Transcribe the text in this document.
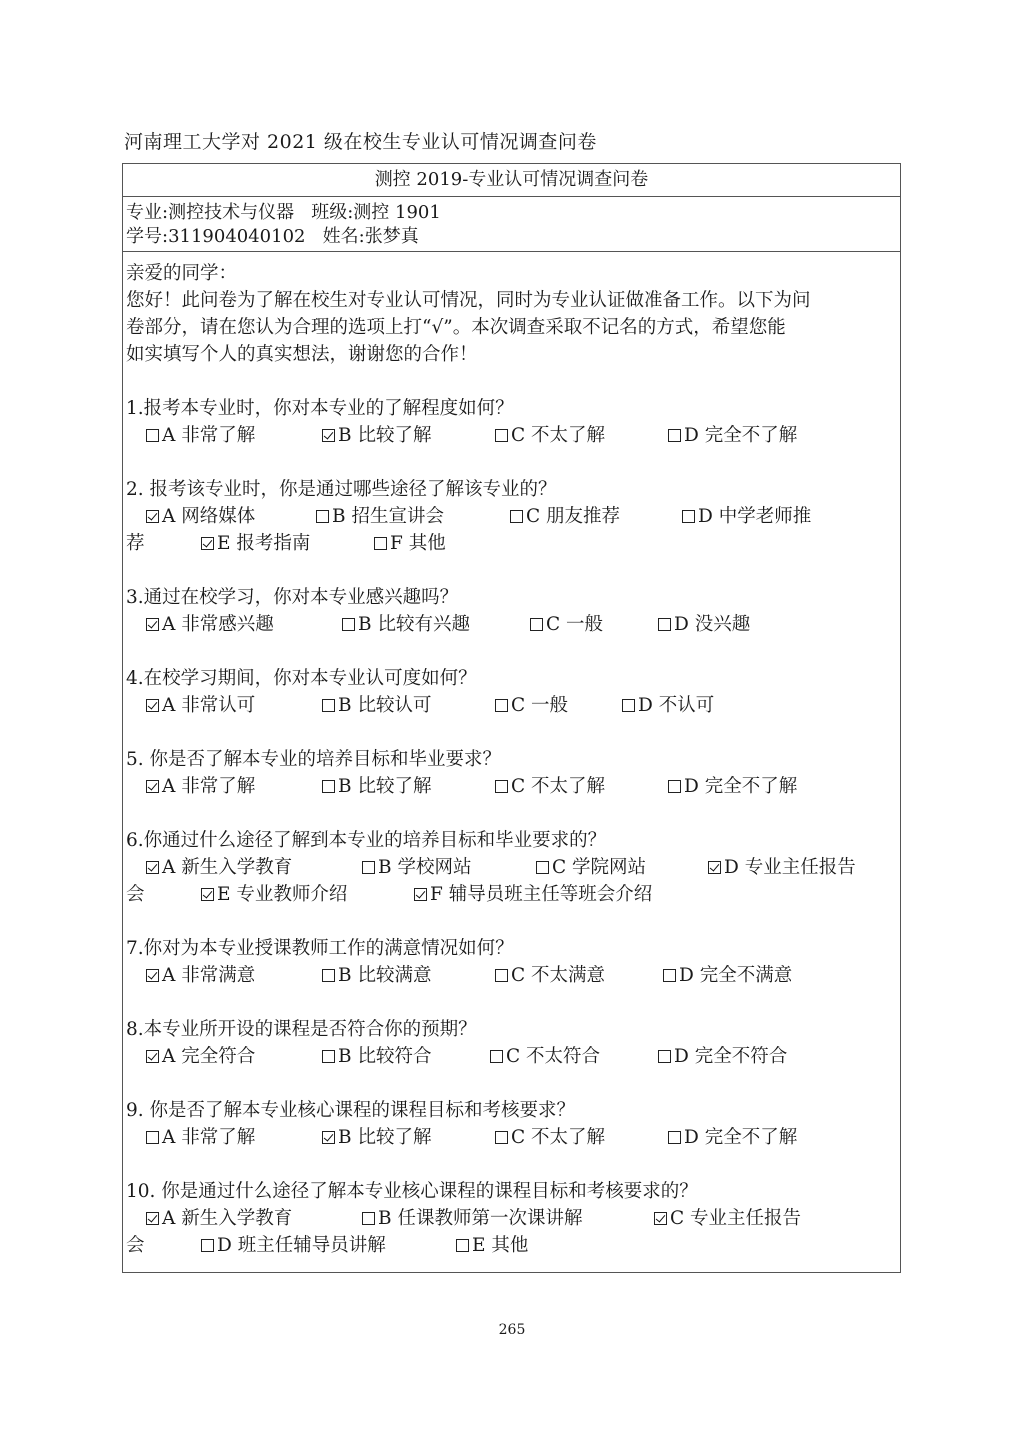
河南理工大学对 2021 级在校生专业认可情况调查问卷
测控 2019-专业认可情况调查问卷
专业:测控技术与仪器   班级:测控 1901
学号:311904040102   姓名:张梦真
亲爱的同学：
您好！此问卷为了解在校生对专业认可情况，同时为专业认证做准备工作。以下为问
卷部分，请在您认为合理的选项上打“√”。本次调查采取不记名的方式，希望您能
如实填写个人的真实想法，谢谢您的合作！
1.报考本专业时，你对本专业的了解程度如何？
A 非常了解	B 比较了解	C 不太了解	D 完全不了解
2. 报考该专业时，你是通过哪些途径了解该专业的？
A 网络媒体	B 招生宣讲会	C 朋友推荐	D 中学老师推
荐	E 报考指南	F 其他
3.通过在校学习，你对本专业感兴趣吗？
A 非常感兴趣	B 比较有兴趣	C 一般	D 没兴趣
4.在校学习期间，你对本专业认可度如何？
A 非常认可	B 比较认可	C 一般	D 不认可
5. 你是否了解本专业的培养目标和毕业要求？
A 非常了解	B 比较了解	C 不太了解	D 完全不了解
6.你通过什么途径了解到本专业的培养目标和毕业要求的？
A 新生入学教育	B 学校网站	C 学院网站	D 专业主任报告
会	E 专业教师介绍	F 辅导员班主任等班会介绍
7.你对为本专业授课教师工作的满意情况如何？
A 非常满意	B 比较满意	C 不太满意	D 完全不满意
8.本专业所开设的课程是否符合你的预期？
A 完全符合	B 比较符合	C 不太符合	D 完全不符合
9. 你是否了解本专业核心课程的课程目标和考核要求？
A 非常了解	B 比较了解	C 不太了解	D 完全不了解
10. 你是通过什么途径了解本专业核心课程的课程目标和考核要求的？
A 新生入学教育	B 任课教师第一次课讲解	C 专业主任报告
会	D 班主任辅导员讲解	E 其他
265
